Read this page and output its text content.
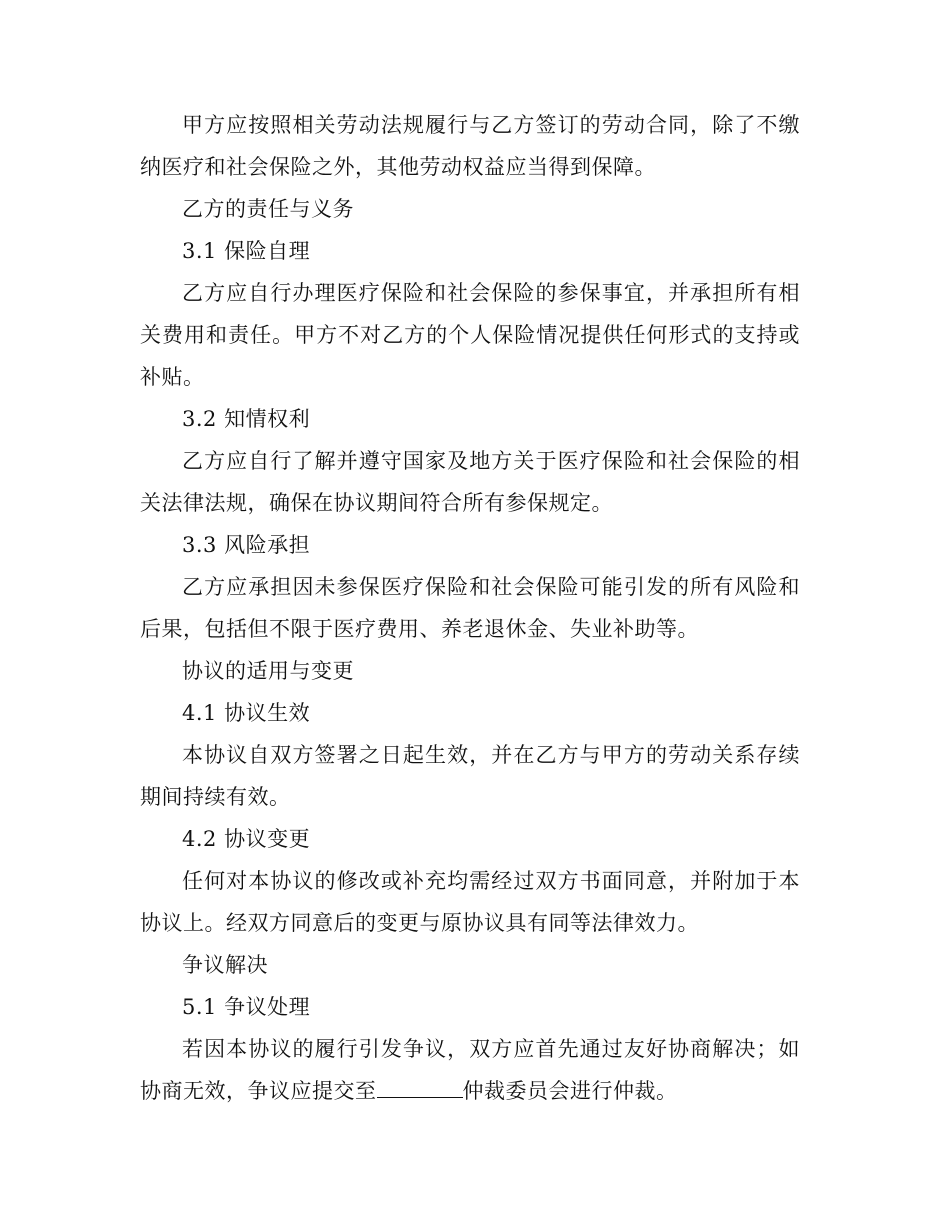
甲方应按照相关劳动法规履行与乙方签订的劳动合同，除了不缴纳医疗和社会保险之外，其他劳动权益应当得到保障。

乙方的责任与义务

3.1 保险自理

乙方应自行办理医疗保险和社会保险的参保事宜，并承担所有相关费用和责任。甲方不对乙方的个人保险情况提供任何形式的支持或补贴。

3.2 知情权利

乙方应自行了解并遵守国家及地方关于医疗保险和社会保险的相关法律法规，确保在协议期间符合所有参保规定。

3.3 风险承担

乙方应承担因未参保医疗保险和社会保险可能引发的所有风险和后果，包括但不限于医疗费用、养老退休金、失业补助等。

协议的适用与变更

4.1 协议生效

本协议自双方签署之日起生效，并在乙方与甲方的劳动关系存续期间持续有效。

4.2 协议变更

任何对本协议的修改或补充均需经过双方书面同意，并附加于本协议上。经双方同意后的变更与原协议具有同等法律效力。

争议解决

5.1 争议处理

若因本协议的履行引发争议，双方应首先通过友好协商解决；如协商无效，争议应提交至	仲裁委员会进行仲裁。
